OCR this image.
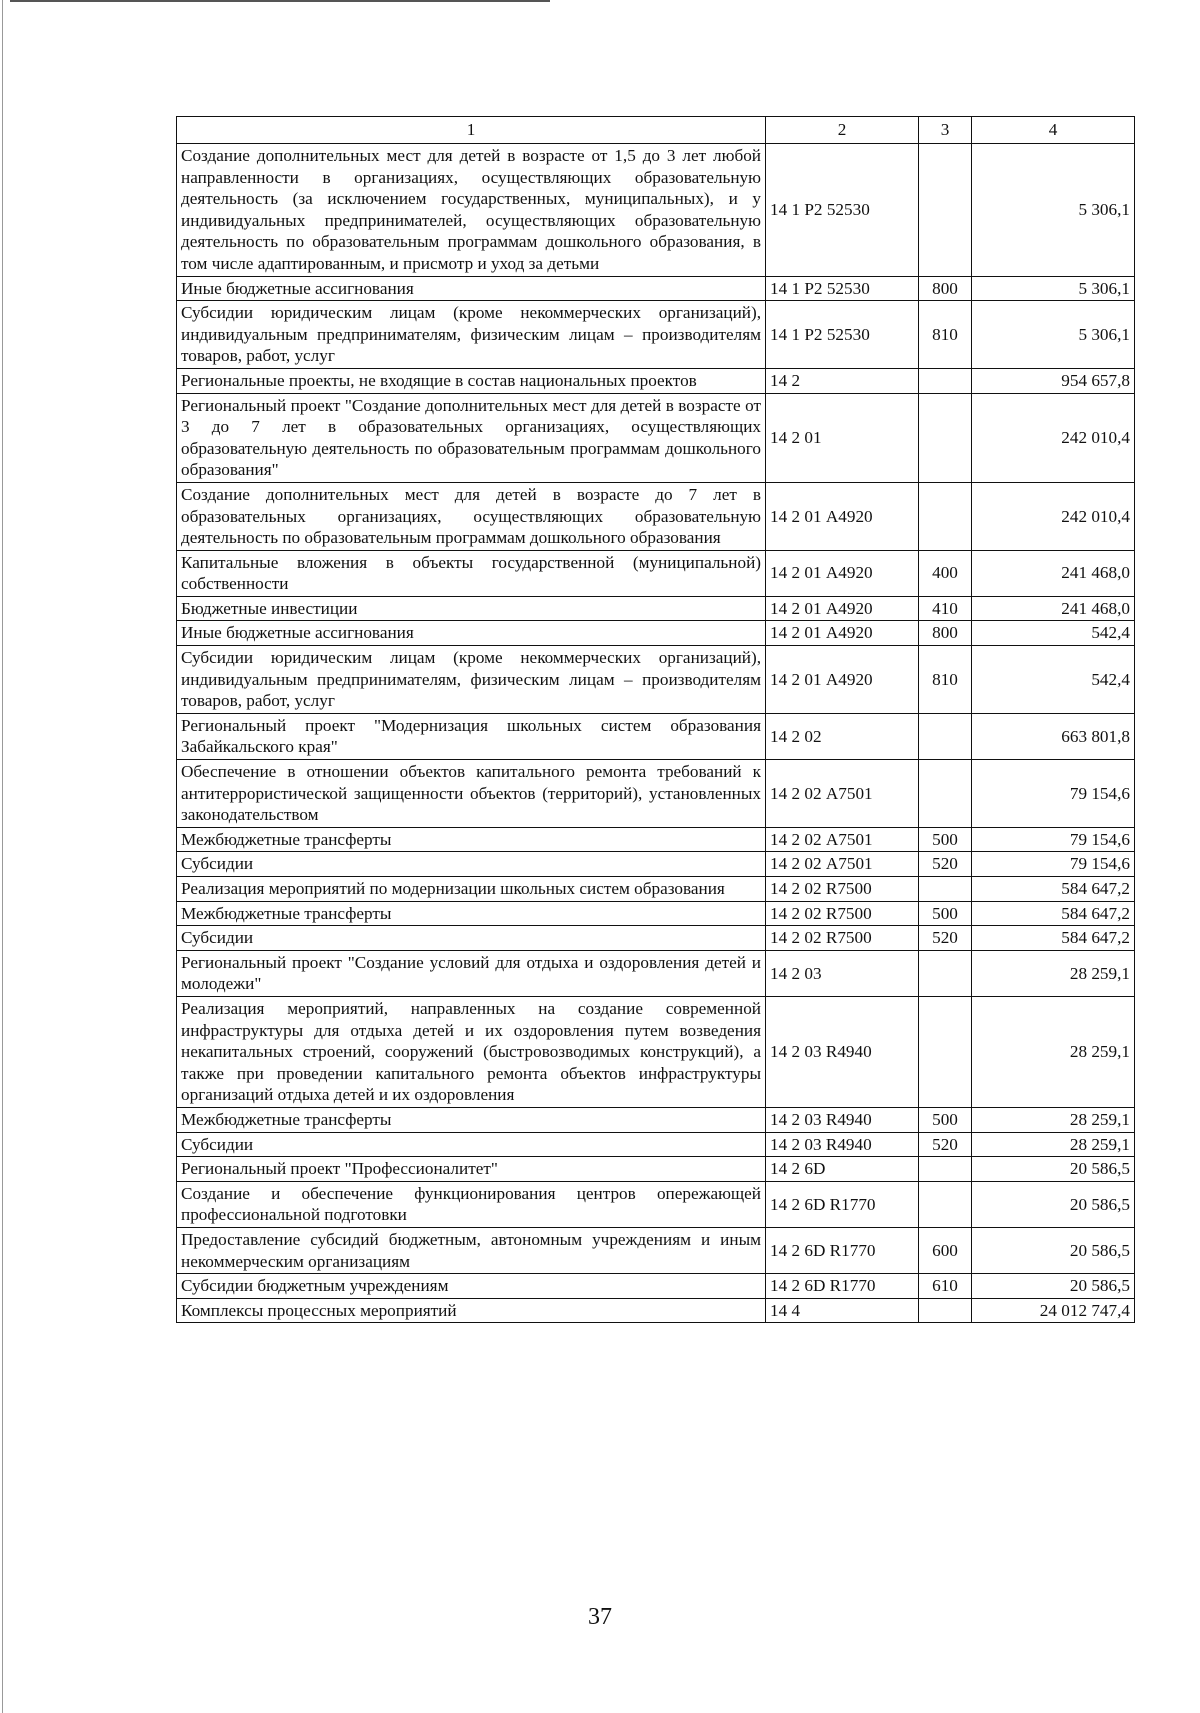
1	2	3	4
Создание дополнительных мест для детей в возрасте от 1,5 до 3 лет любой направленности в организациях, осуществляющих образовательную деятельность (за исключением государственных, муниципальных), и у индивидуальных предпринимателей, осуществляющих образовательную деятельность по образовательным программам дошкольного образования, в том числе адаптированным, и присмотр и уход за детьми	14 1 Р2 52530		5 306,1
Иные бюджетные ассигнования	14 1 Р2 52530	800	5 306,1
Субсидии юридическим лицам (кроме некоммерческих организаций), индивидуальным предпринимателям, физическим лицам – производителям товаров, работ, услуг	14 1 Р2 52530	810	5 306,1
Региональные проекты, не входящие в состав национальных проектов	14 2		954 657,8
Региональный проект "Создание дополнительных мест для детей в возрасте от 3 до 7 лет в образовательных организациях, осуществляющих образовательную деятельность по образовательным программам дошкольного образования"	14 2 01		242 010,4
Создание дополнительных мест для детей в возрасте до 7 лет в образовательных организациях, осуществляющих образовательную деятельность по образовательным программам дошкольного образования	14 2 01 А4920		242 010,4
Капитальные вложения в объекты государственной (муниципальной) собственности	14 2 01 А4920	400	241 468,0
Бюджетные инвестиции	14 2 01 А4920	410	241 468,0
Иные бюджетные ассигнования	14 2 01 А4920	800	542,4
Субсидии юридическим лицам (кроме некоммерческих организаций), индивидуальным предпринимателям, физическим лицам – производителям товаров, работ, услуг	14 2 01 А4920	810	542,4
Региональный проект "Модернизация школьных систем образования Забайкальского края"	14 2 02		663 801,8
Обеспечение в отношении объектов капитального ремонта требований к антитеррористической защищенности объектов (территорий), установленных законодательством	14 2 02 А7501		79 154,6
Межбюджетные трансферты	14 2 02 А7501	500	79 154,6
Субсидии	14 2 02 А7501	520	79 154,6
Реализация мероприятий по модернизации школьных систем образования	14 2 02 R7500		584 647,2
Межбюджетные трансферты	14 2 02 R7500	500	584 647,2
Субсидии	14 2 02 R7500	520	584 647,2
Региональный проект "Создание условий для отдыха и оздоровления детей и молодежи"	14 2 03		28 259,1
Реализация мероприятий, направленных на создание современной инфраструктуры для отдыха детей и их оздоровления путем возведения некапитальных строений, сооружений (быстровозводимых конструкций), а также при проведении капитального ремонта объектов инфраструктуры организаций отдыха детей и их оздоровления	14 2 03 R4940		28 259,1
Межбюджетные трансферты	14 2 03 R4940	500	28 259,1
Субсидии	14 2 03 R4940	520	28 259,1
Региональный проект "Профессионалитет"	14 2 6D		20 586,5
Создание и обеспечение функционирования центров опережающей профессиональной подготовки	14 2 6D R1770		20 586,5
Предоставление субсидий бюджетным, автономным учреждениям и иным некоммерческим организациям	14 2 6D R1770	600	20 586,5
Субсидии бюджетным учреждениям	14 2 6D R1770	610	20 586,5
Комплексы процессных мероприятий	14 4		24 012 747,4
37
